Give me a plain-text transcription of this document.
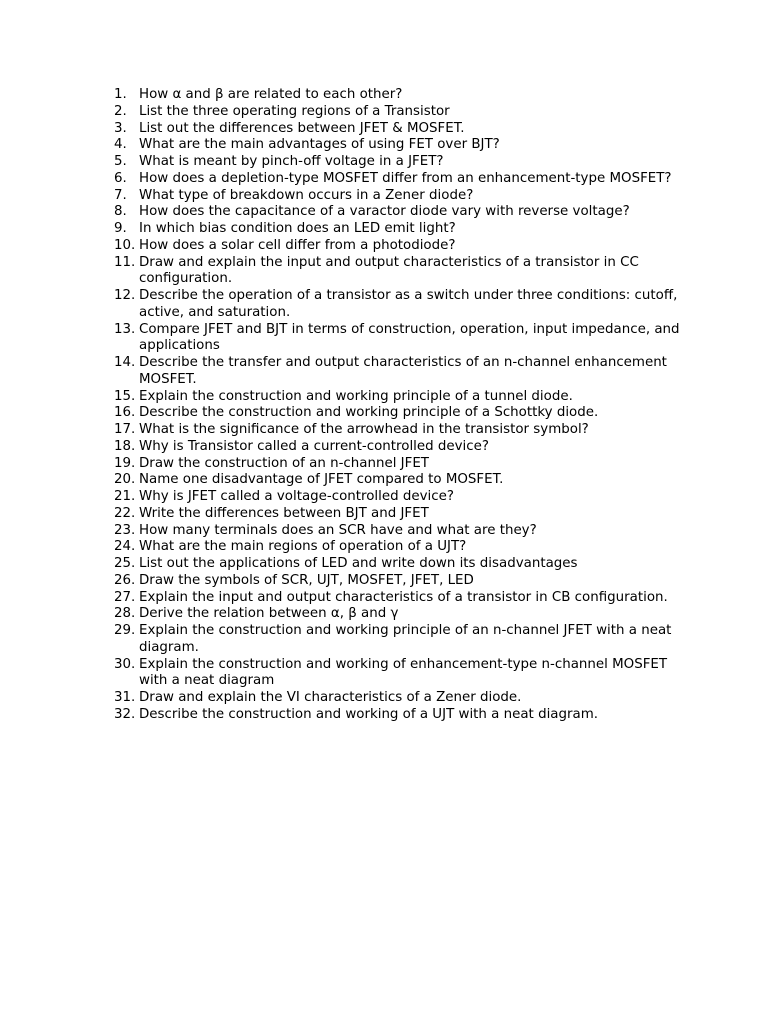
1. How α and β are related to each other?
2. List the three operating regions of a Transistor
3. List out the differences between JFET & MOSFET.
4. What are the main advantages of using FET over BJT?
5. What is meant by pinch-off voltage in a JFET?
6. How does a depletion-type MOSFET differ from an enhancement-type MOSFET?
7. What type of breakdown occurs in a Zener diode?
8. How does the capacitance of a varactor diode vary with reverse voltage?
9. In which bias condition does an LED emit light?
10. How does a solar cell differ from a photodiode?
11. Draw and explain the input and output characteristics of a transistor in CC configuration.
12. Describe the operation of a transistor as a switch under three conditions: cutoff, active, and saturation.
13. Compare JFET and BJT in terms of construction, operation, input impedance, and applications
14. Describe the transfer and output characteristics of an n-channel enhancement MOSFET.
15. Explain the construction and working principle of a tunnel diode.
16. Describe the construction and working principle of a Schottky diode.
17. What is the significance of the arrowhead in the transistor symbol?
18. Why is Transistor called a current-controlled device?
19. Draw the construction of an n-channel JFET
20. Name one disadvantage of JFET compared to MOSFET.
21. Why is JFET called a voltage-controlled device?
22. Write the differences between BJT and JFET
23. How many terminals does an SCR have and what are they?
24. What are the main regions of operation of a UJT?
25. List out the applications of LED and write down its disadvantages
26. Draw the symbols of SCR, UJT, MOSFET, JFET, LED
27. Explain the input and output characteristics of a transistor in CB configuration.
28. Derive the relation between α, β and γ
29. Explain the construction and working principle of an n-channel JFET with a neat diagram.
30. Explain the construction and working of enhancement-type n-channel MOSFET with a neat diagram
31. Draw and explain the VI characteristics of a Zener diode.
32. Describe the construction and working of a UJT with a neat diagram.
